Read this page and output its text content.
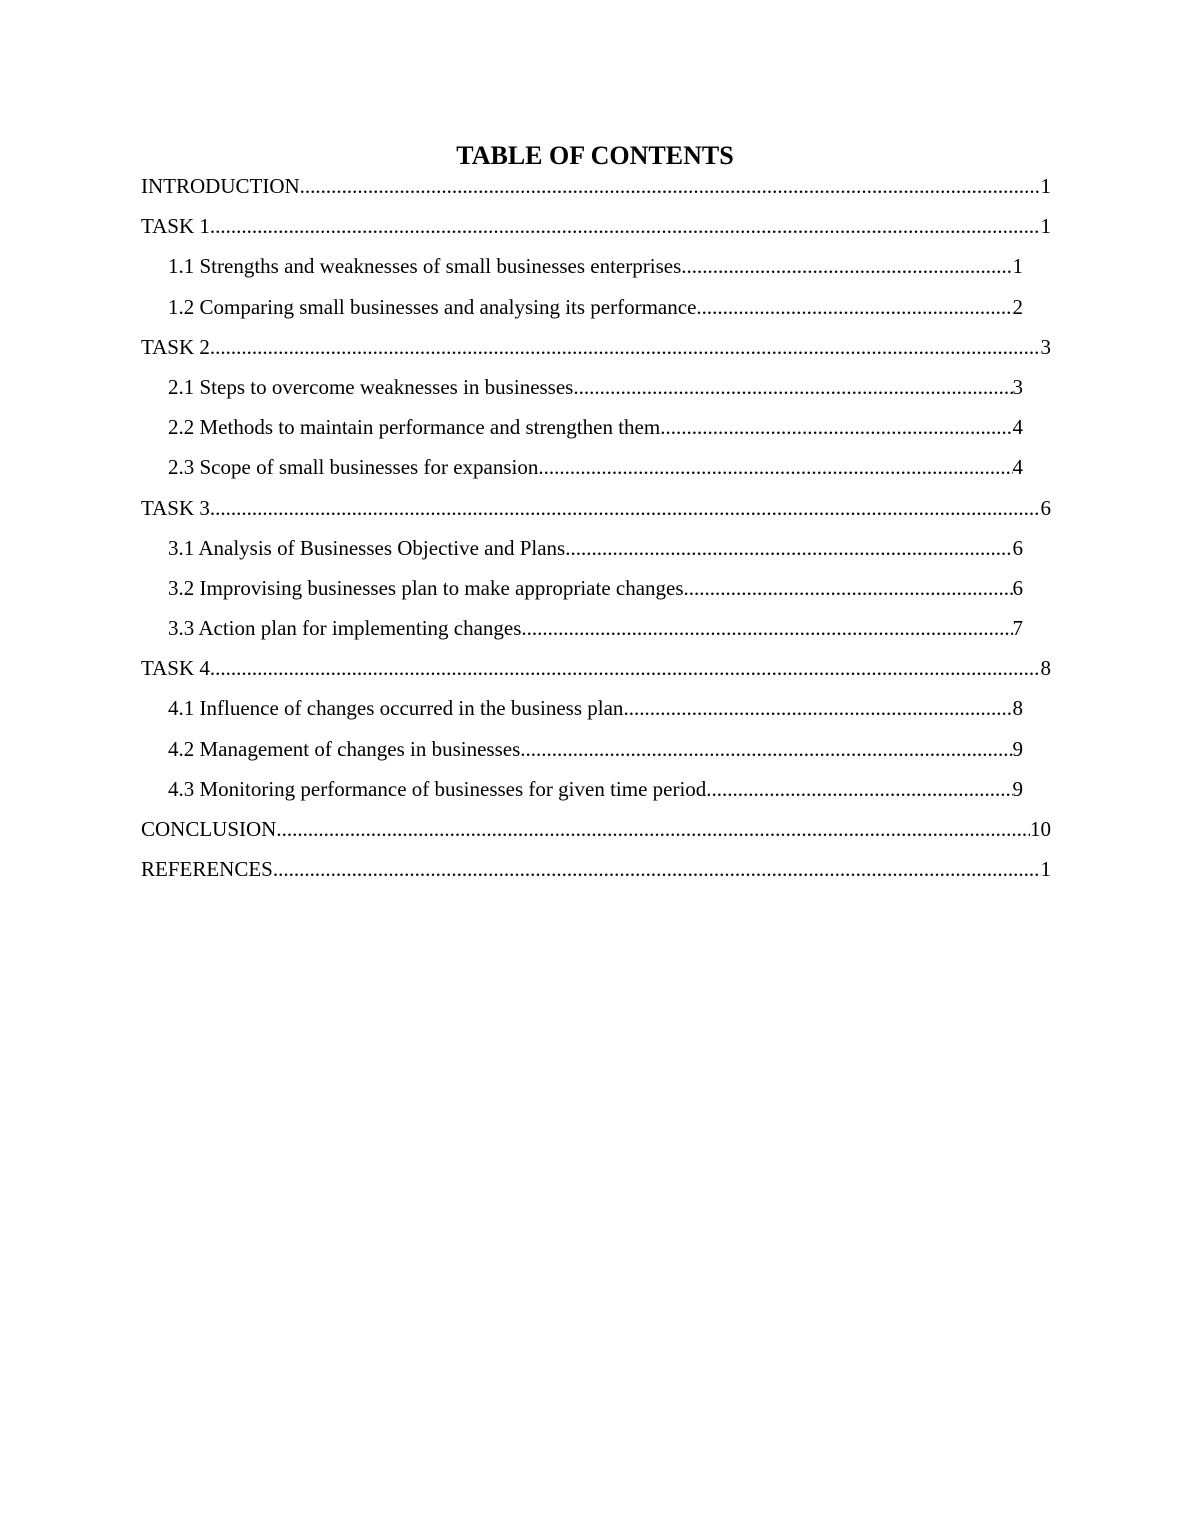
TABLE OF CONTENTS
INTRODUCTION .....	1
TASK 1 .....	1
1.1 Strengths and weaknesses of small businesses enterprises .....	1
1.2 Comparing small businesses and analysing its performance .....	2
TASK 2 .....	3
2.1 Steps to overcome weaknesses in businesses .....	3
2.2 Methods to maintain performance and strengthen them .....	4
2.3 Scope of small businesses for expansion .....	4
TASK 3 .....	6
3.1 Analysis of Businesses Objective and Plans .....	6
3.2 Improvising businesses plan to make appropriate changes .....	6
3.3 Action plan for implementing changes .....	7
TASK 4 .....	8
4.1 Influence of changes occurred in the business plan .....	8
4.2 Management of changes in businesses .....	9
4.3 Monitoring performance of businesses for given time period .....	9
CONCLUSION .....	10
REFERENCES .....	1
